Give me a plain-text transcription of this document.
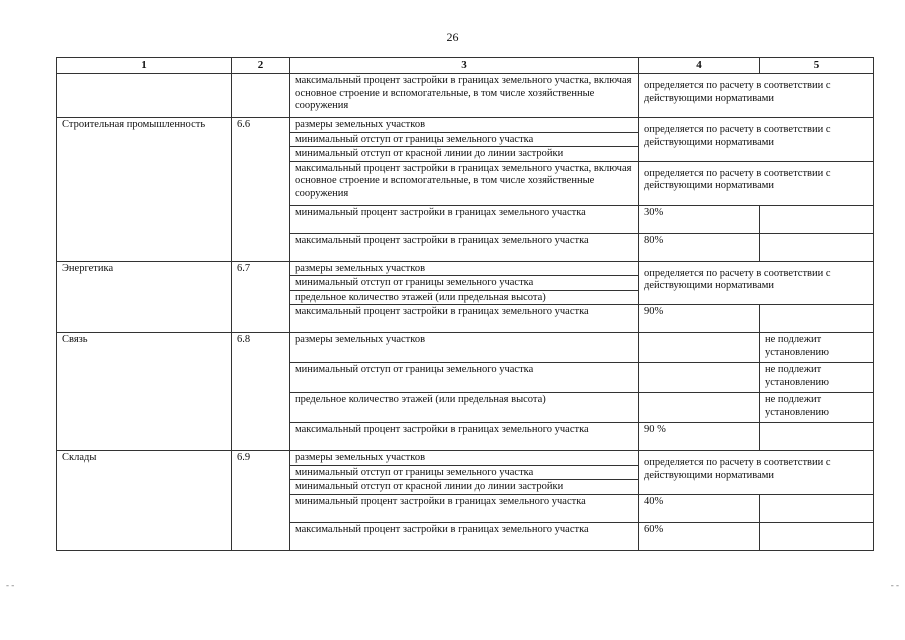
26
1	2	3	4	5
		максимальный процент застройки в границах земельного участка, включая основное строение и вспомогательные, в том числе хозяйственные сооружения	определяется по расчету в соответствии с действующими нормативами	
Строительная промышленность	6.6	размеры земельных участков	определяется по расчету в соответствии с действующими нормативами	
		минимальный отступ от границы земельного участка		
		минимальный отступ от красной линии до линии застройки		
		максимальный процент застройки в границах земельного участка, включая основное строение и вспомогательные, в том числе хозяйственные сооружения	определяется по расчету в соответствии с действующими нормативами	
		минимальный процент застройки в границах земельного участка	30%	
		максимальный процент застройки в границах земельного участка	80%	
Энергетика	6.7	размеры земельных участков	определяется по расчету в соответствии с действующими нормативами	
		минимальный отступ от границы земельного участка		
		предельное количество этажей (или предельная высота)		
		максимальный процент застройки в границах земельного участка	90%	
Связь	6.8	размеры земельных участков		не подлежит установлению
		минимальный отступ от границы земельного участка		не подлежит установлению
		предельное количество этажей (или предельная высота)		не подлежит установлению
		максимальный процент застройки в границах земельного участка	90 %	
Склады	6.9	размеры земельных участков	определяется по расчету в соответствии с действующими нормативами	
		минимальный отступ от границы земельного участка		
		минимальный отступ от красной линии до линии застройки		
		минимальный процент застройки в границах земельного участка	40%	
		максимальный процент застройки в границах земельного участка	60%	
- -	- -
